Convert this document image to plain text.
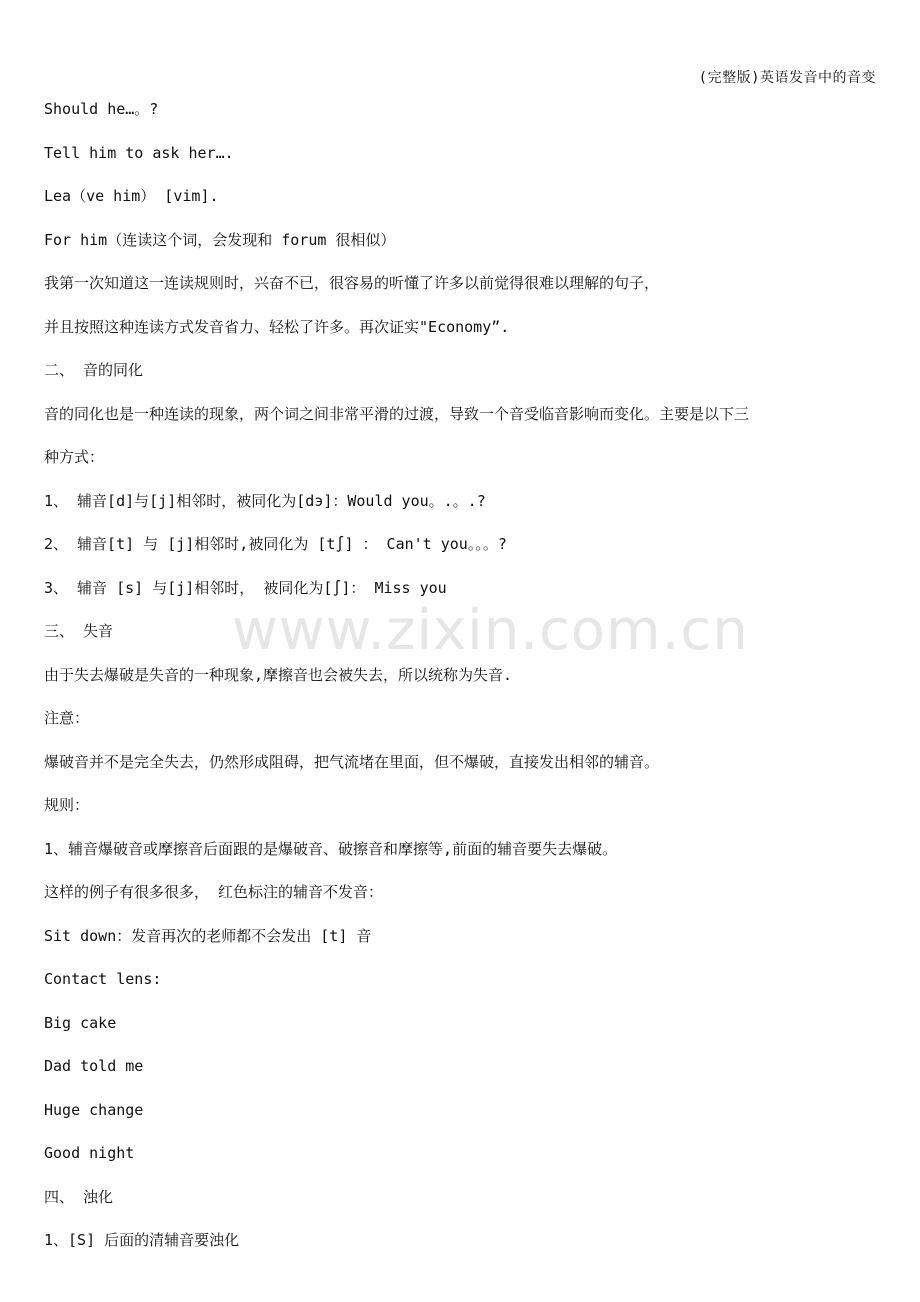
(完整版)英语发音中的音变
www.zixin.com.cn
Should he…。?
Tell him to ask her….
Lea（ve him） [vim].
For him（连读这个词，会发现和 forum 很相似）
我第一次知道这一连读规则时，兴奋不已，很容易的听懂了许多以前觉得很难以理解的句子，
并且按照这种连读方式发音省力、轻松了许多。再次证实"Economy”.
二、 音的同化
音的同化也是一种连读的现象，两个词之间非常平滑的过渡，导致一个音受临音影响而变化。主要是以下三
种方式：
1、 辅音[d]与[j]相邻时，被同化为[dэ]：Would you。.。.?
2、 辅音[t] 与 [j]相邻时,被同化为 [t∫] ： Can't you。。。?
3、 辅音 [s] 与[j]相邻时， 被同化为[∫]： Miss you
三、 失音
由于失去爆破是失音的一种现象,摩擦音也会被失去，所以统称为失音.
注意：
爆破音并不是完全失去，仍然形成阻碍，把气流堵在里面，但不爆破，直接发出相邻的辅音。
规则：
1、辅音爆破音或摩擦音后面跟的是爆破音、破擦音和摩擦等,前面的辅音要失去爆破。
这样的例子有很多很多， 红色标注的辅音不发音：
Sit down：发音再次的老师都不会发出 [t] 音
Contact lens:
Big cake
Dad told me
Huge change
Good night
四、 浊化
1、[S] 后面的清辅音要浊化
